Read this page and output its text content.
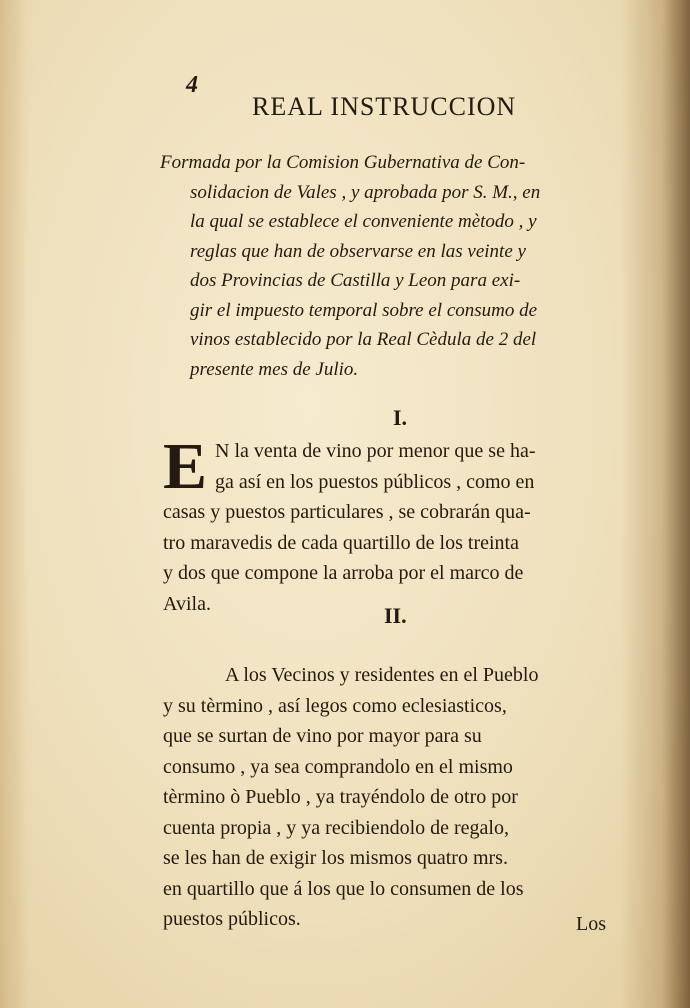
4
REAL INSTRUCCION
Formada por la Comision Gubernativa de Con-
solidacion de Vales , y aprobada por S. M., en
la qual se establece el conveniente mètodo , y
reglas que han de observarse en las veinte y
dos Provincias de Castilla y Leon para exi-
gir el impuesto temporal sobre el consumo de
vinos establecido por la Real Cèdula de 2 del
presente mes de Julio.
I.
E N la venta de vino por menor que se ha-
ga así en los puestos públicos , como en
casas y puestos particulares , se cobrarán qua-
tro maravedis de cada quartillo de los treinta
y dos que compone la arroba por el marco de
Avila.	II.
A los Vecinos y residentes en el Pueblo
y su tèrmino , así legos como eclesiasticos,
que se surtan de vino por mayor para su
consumo , ya sea comprandolo en el mismo
tèrmino ò Pueblo , ya trayéndolo de otro por
cuenta propia , y ya recibiendolo de regalo,
se les han de exigir los mismos quatro mrs.
en quartillo que á los que lo consumen de los
puestos públicos.	Los
